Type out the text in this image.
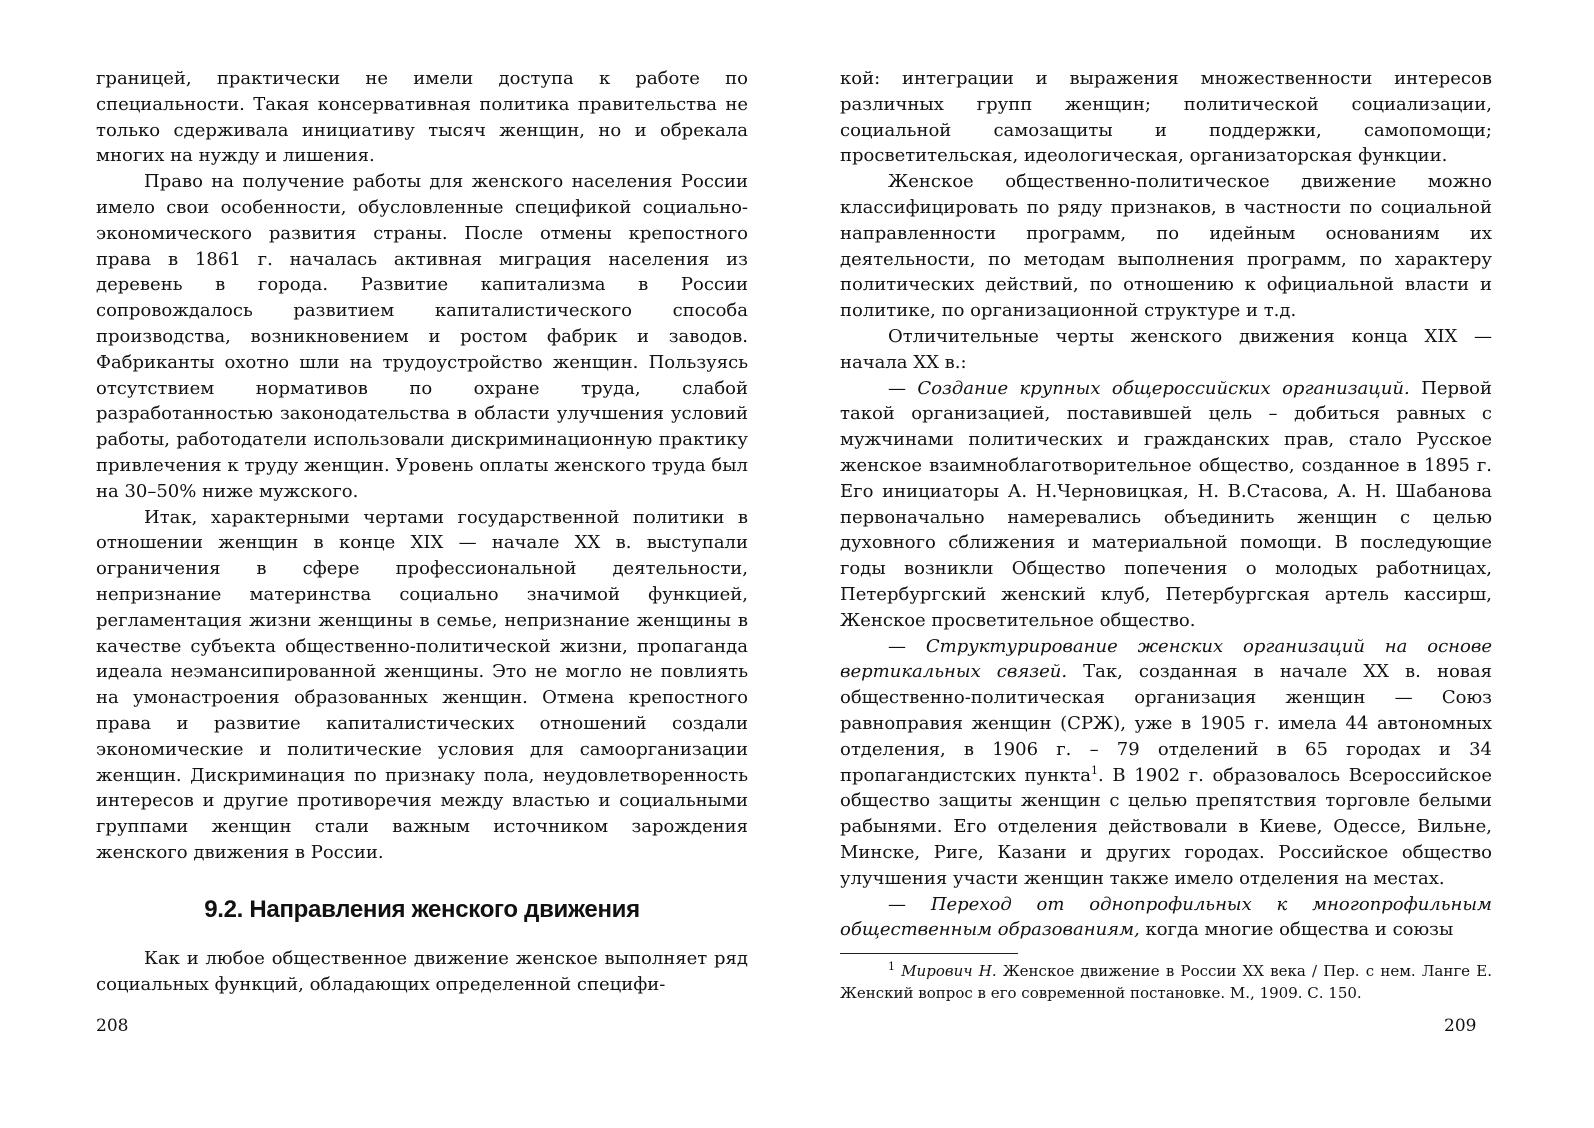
границей, практически не имели доступа к работе по специальности. Такая консервативная политика правительства не только сдерживала инициативу тысяч женщин, но и обрекала многих на нужду и лишения.

Право на получение работы для женского населения России имело свои особенности, обусловленные спецификой социально-экономического развития страны. После отмены крепостного права в 1861 г. началась активная миграция населения из деревень в города. Развитие капитализма в России сопровождалось развитием капиталистического способа производства, возникновением и ростом фабрик и заводов. Фабриканты охотно шли на трудоустройство женщин. Пользуясь отсутствием нормативов по охране труда, слабой разработанностью законодательства в области улучшения условий работы, работодатели использовали дискриминационную практику привлечения к труду женщин. Уровень оплаты женского труда был на 30–50% ниже мужского.

Итак, характерными чертами государственной политики в отношении женщин в конце XIX — начале XX в. выступали ограничения в сфере профессиональной деятельности, непризнание материнства социально значимой функцией, регламентация жизни женщины в семье, непризнание женщины в качестве субъекта общественно-политической жизни, пропаганда идеала неэмансипированной женщины. Это не могло не повлиять на умонастроения образованных женщин. Отмена крепостного права и развитие капиталистических отношений создали экономические и политические условия для самоорганизации женщин. Дискриминация по признаку пола, неудовлетворенность интересов и другие противоречия между властью и социальными группами женщин стали важным источником зарождения женского движения в России.

9.2. Направления женского движения

Как и любое общественное движение женское выполняет ряд социальных функций, обладающих определенной специфи-

208

кой: интеграции и выражения множественности интересов различных групп женщин; политической социализации, социальной самозащиты и поддержки, самопомощи; просветительская, идеологическая, организаторская функции.

Женское общественно-политическое движение можно классифицировать по ряду признаков, в частности по социальной направленности программ, по идейным основаниям их деятельности, по методам выполнения программ, по характеру политических действий, по отношению к официальной власти и политике, по организационной структуре и т.д.

Отличительные черты женского движения конца XIX — начала XX в.:

— Создание крупных общероссийских организаций. Первой такой организацией, поставившей цель – добиться равных с мужчинами политических и гражданских прав, стало Русское женское взаимноблаготворительное общество, созданное в 1895 г. Его инициаторы А. Н.Черновицкая, Н. В.Стасова, А. Н. Шабанова первоначально намеревались объединить женщин с целью духовного сближения и материальной помощи. В последующие годы возникли Общество попечения о молодых работницах, Петербургский женский клуб, Петербургская артель кассирш, Женское просветительное общество.

— Структурирование женских организаций на основе вертикальных связей. Так, созданная в начале XX в. новая общественно-политическая организация женщин — Союз равноправия женщин (СРЖ), уже в 1905 г. имела 44 автономных отделения, в 1906 г. – 79 отделений в 65 городах и 34 пропагандистских пункта$^1$. В 1902 г. образовалось Всероссийское общество защиты женщин с целью препятствия торговле белыми рабынями. Его отделения действовали в Киеве, Одессе, Вильне, Минске, Риге, Казани и других городах. Российское общество улучшения участи женщин также имело отделения на местах.

— Переход от однопрофильных к многопрофильным общественным образованиям, когда многие общества и союзы

$^1$ Мирович Н. Женское движение в России XX века / Пер. с нем. Ланге Е. Женский вопрос в его современной постановке. М., 1909. С. 150.

209
